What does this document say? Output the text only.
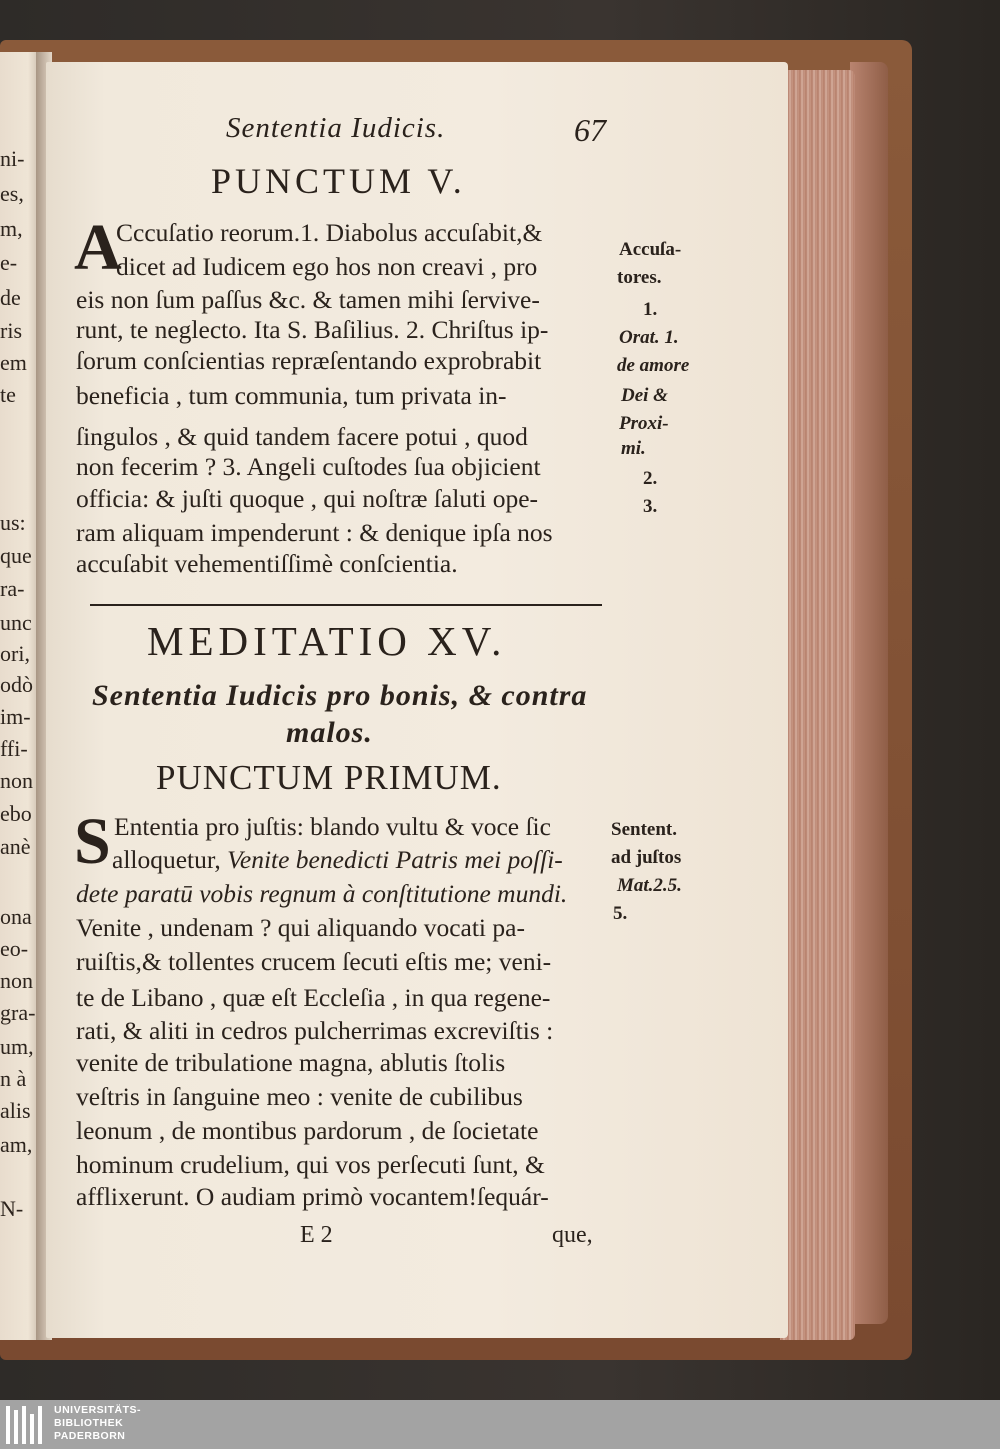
ni-
es,
m,
e-
de
ris
em
te
us:
que
ra-
unc
ori,
odò
im-
ffi-
non
ebo
anè
ona
eo-
non
gra-
um,
n à
alis
am,
N-
Sententia Iudicis.	67
PUNCTUM V.
A
Cccuſatio reorum.1. Diabolus accuſabit,&
dicet ad Iudicem ego hos non creavi , pro
eis non ſum paſſus &c. & tamen mihi ſervive-
runt, te neglecto. Ita S. Baſilius. 2. Chriſtus ip-
ſorum conſcientias repræſentando exprobrabit
beneficia , tum communia, tum privata in-
ſingulos , & quid tandem facere potui , quod
non fecerim ? 3. Angeli cuſtodes ſua objicient
officia: & juſti quoque , qui noſtræ ſaluti ope-
ram aliquam impenderunt : & denique ipſa nos
accuſabit vehementiſſimè conſcientia.
Accuſa-
tores.
1.
Orat. 1.
de amore
Dei &
Proxi-
mi.
2.
3.
MEDITATIO XV.
Sententia Iudicis pro bonis, & contra
malos.
PUNCTUM PRIMUM.
S Ententia pro juſtis: blando vultu & voce ſic
alloquetur, Venite benedicti Patris mei poſſi-
dete paratū vobis regnum à conſtitutione mundi.
Venite , undenam ? qui aliquando vocati pa-
ruiſtis,& tollentes crucem ſecuti eſtis me; veni-
te de Libano , quæ eſt Eccleſia , in qua regene-
rati, & aliti in cedros pulcherrimas excreviſtis :
venite de tribulatione magna, ablutis ſtolis
veſtris in ſanguine meo : venite de cubilibus
leonum , de montibus pardorum , de ſocietate
hominum crudelium, qui vos perſecuti ſunt, &
afflixerunt. O audiam primò vocantem!ſequár-
Sentent.
ad juſtos
Mat.2.5.
5.
E 2	que,
UNIVERSITÄTS-
BIBLIOTHEK
PADERBORN
